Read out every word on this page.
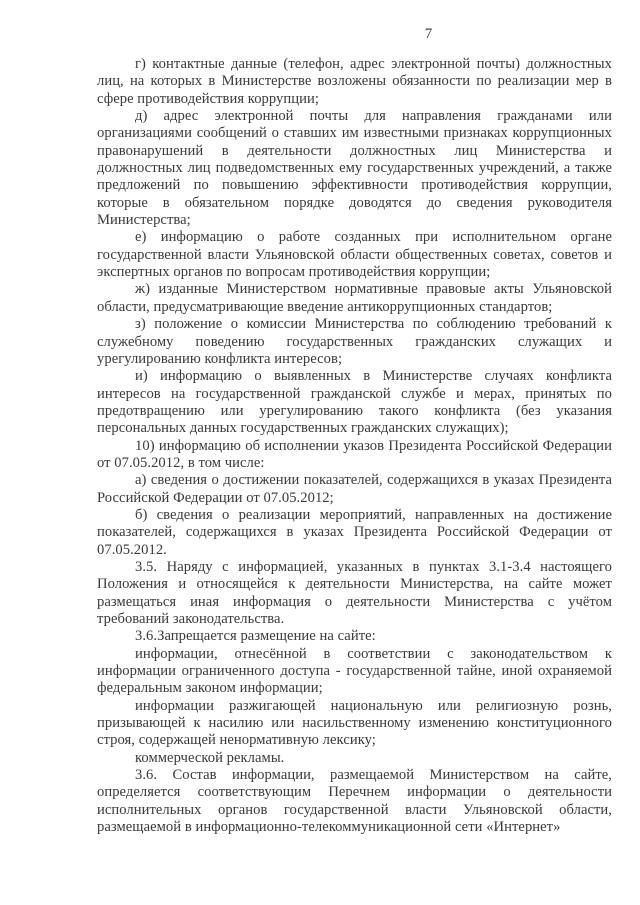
7

г) контактные данные (телефон, адрес электронной почты) должностных лиц, на которых в Министерстве возложены обязанности по реализации мер в сфере противодействия коррупции;

д) адрес электронной почты для направления гражданами или организациями сообщений о ставших им известными признаках коррупционных правонарушений в деятельности должностных лиц Министерства и должностных лиц подведомственных ему государственных учреждений, а также предложений по повышению эффективности противодействия коррупции, которые в обязательном порядке доводятся до сведения руководителя Министерства;

е) информацию о работе созданных при исполнительном органе государственной власти Ульяновской области общественных советах, советов и экспертных органов по вопросам противодействия коррупции;

ж) изданные Министерством нормативные правовые акты Ульяновской области, предусматривающие введение антикоррупционных стандартов;

з) положение о комиссии Министерства по соблюдению требований к служебному поведению государственных гражданских служащих и урегулированию конфликта интересов;

и) информацию о выявленных в Министерстве случаях конфликта интересов на государственной гражданской службе и мерах, принятых по предотвращению или урегулированию такого конфликта (без указания персональных данных государственных гражданских служащих);

10) информацию об исполнении указов Президента Российской Федерации от 07.05.2012, в том числе:

а) сведения о достижении показателей, содержащихся в указах Президента Российской Федерации от 07.05.2012;

б) сведения о реализации мероприятий, направленных на достижение показателей, содержащихся в указах Президента Российской Федерации от 07.05.2012.

3.5. Наряду с информацией, указанных в пунктах 3.1-3.4 настоящего Положения и относящейся к деятельности Министерства, на сайте может размещаться иная информация о деятельности Министерства с учётом требований законодательства.

3.6.Запрещается размещение на сайте:

информации, отнесённой в соответствии с законодательством к информации ограниченного доступа - государственной тайне, иной охраняемой федеральным законом информации;

информации разжигающей национальную или религиозную рознь, призывающей к насилию или насильственному изменению конституционного строя, содержащей ненормативную лексику;

коммерческой рекламы.

3.6. Состав информации, размещаемой Министерством на сайте, определяется соответствующим Перечнем информации о деятельности исполнительных органов государственной власти Ульяновской области, размещаемой в информационно-телекоммуникационной сети «Интернет»
